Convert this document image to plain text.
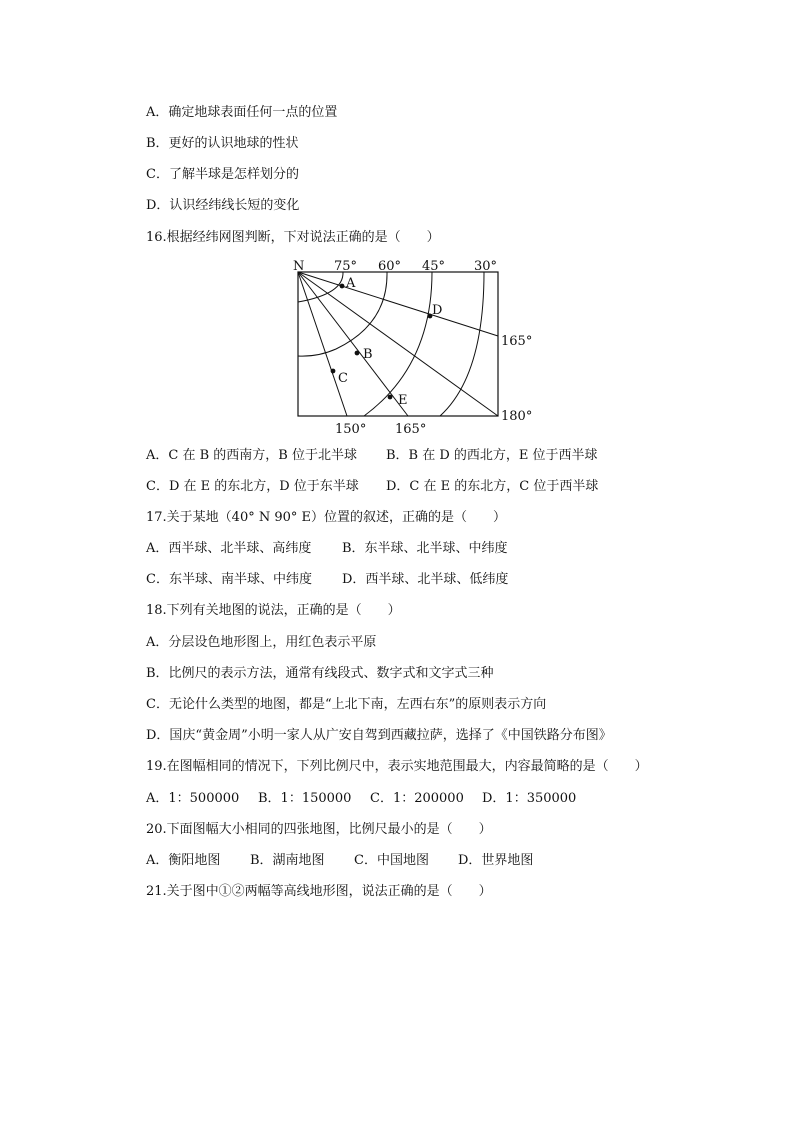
A．确定地球表面任何一点的位置
B．更好的认识地球的性状
C．了解半球是怎样划分的
D．认识经纬线长短的变化
16.根据经纬网图判断，下对说法正确的是（　　）
A
B
C
D
E
N 75° 60° 45° 30°
165°
180°
150° 165°
A．C 在 B 的西南方，B 位于北半球	B．B 在 D 的西北方，E 位于西半球
C．D 在 E 的东北方，D 位于东半球	D．C 在 E 的东北方，C 位于西半球
17.关于某地（40° N 90° E）位置的叙述，正确的是（　　）
A．西半球、北半球、高纬度	B．东半球、北半球、中纬度
C．东半球、南半球、中纬度	D．西半球、北半球、低纬度
18.下列有关地图的说法，正确的是（　　）
A．分层设色地形图上，用红色表示平原
B．比例尺的表示方法，通常有线段式、数字式和文字式三种
C．无论什么类型的地图，都是“上北下南，左西右东”的原则表示方向
D．国庆“黄金周”小明一家人从广安自驾到西藏拉萨，选择了《中国铁路分布图》
19.在图幅相同的情况下，下列比例尺中，表示实地范围最大，内容最简略的是（　　）
A．1：500000	B．1：150000	C．1：200000	D．1：350000
20.下面图幅大小相同的四张地图，比例尺最小的是（　　）
A．衡阳地图	B．湖南地图	C．中国地图	D．世界地图
21.关于图中①②两幅等高线地形图，说法正确的是（　　）
